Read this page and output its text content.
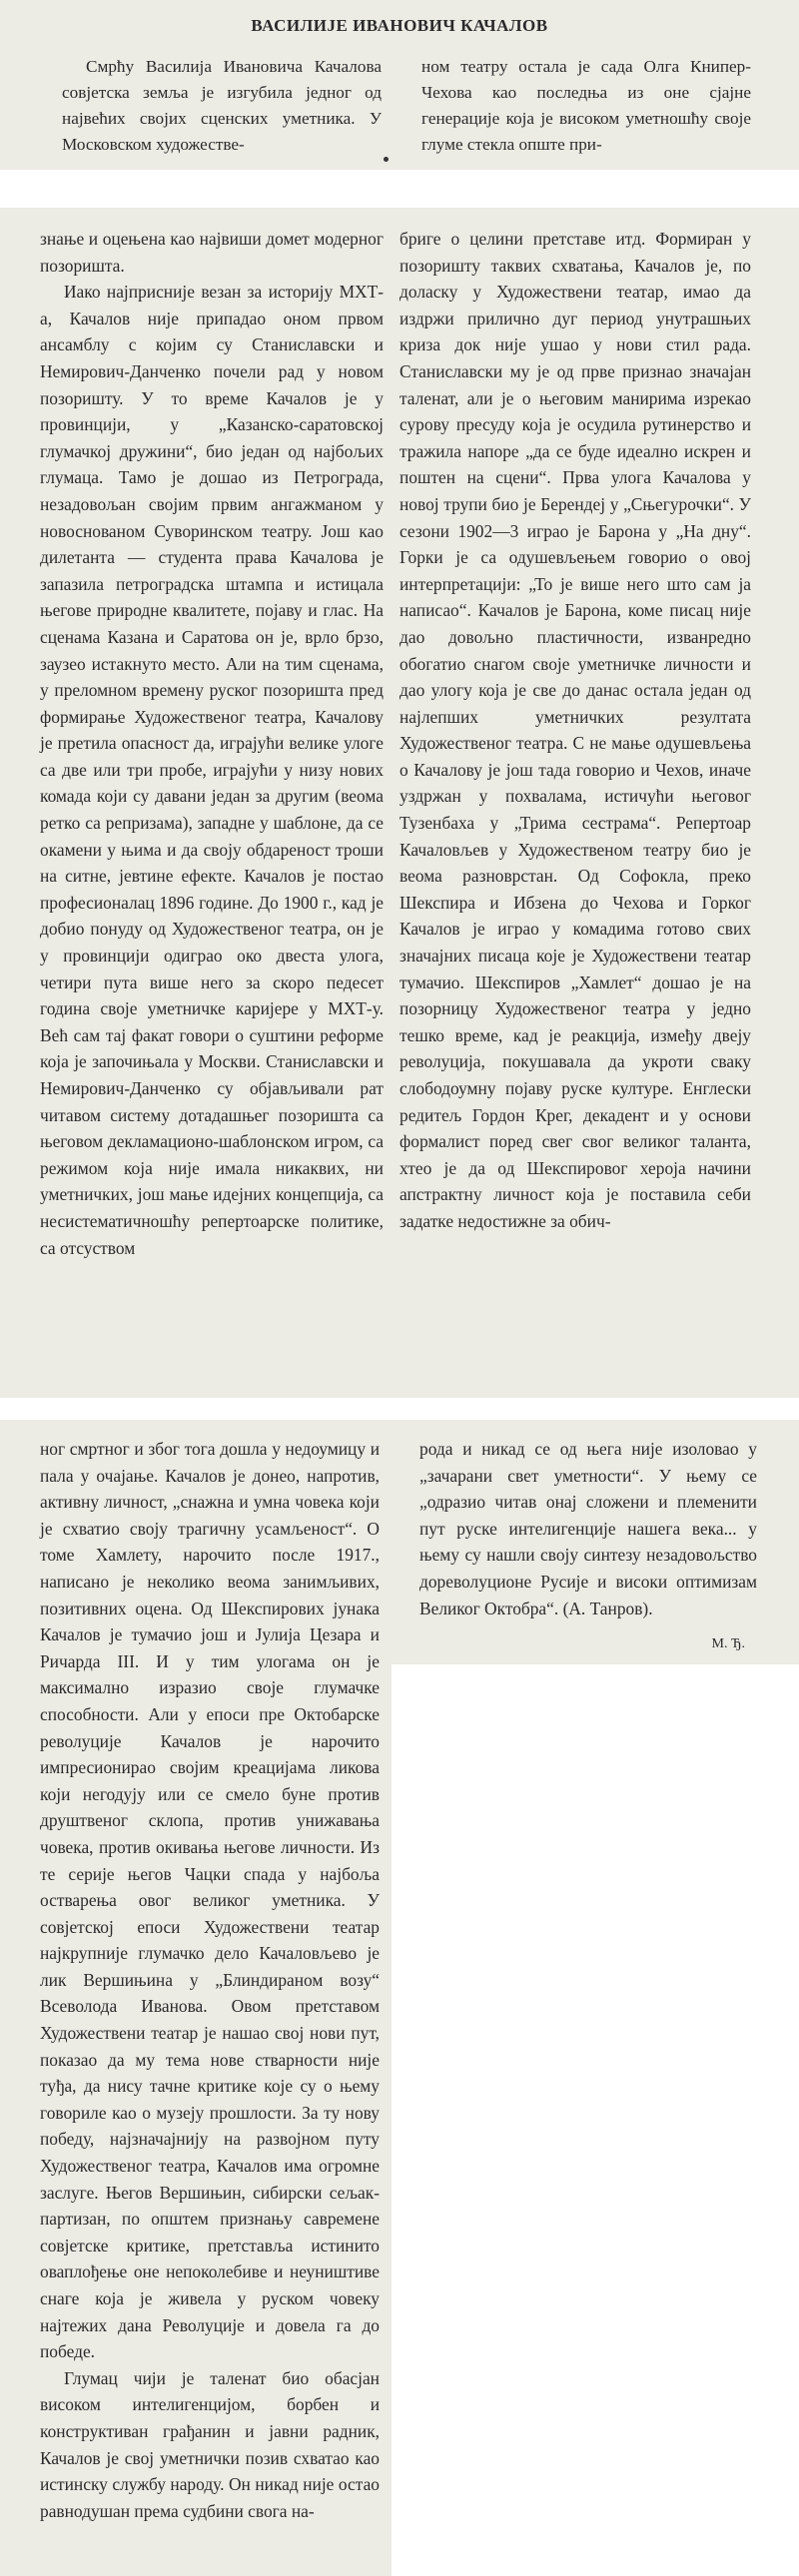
ВАСИЛИЈЕ ИВАНОВИЧ КАЧАЛОВ
Смрћу Василија Ивановича Качалова совјетска земља је изгубила једног од највећих својих сценских уметника. У Московском художестве-
ном театру остала је сада Олга Книпер-Чехова као последња из оне сјајне генерације која је високом уметношћу своје глуме стекла опште при-

знање и оцењена као највиши домет модерног позоришта.

Иако најприсније везан за историју МХТ-а, Качалов није припадао оном првом ансамблу с којим су Станиславски и Немирович-Данченко почели рад у новом позоришту. У то време Качалов је у провинцији, у „Казанско-саратовској глумачкој дружини“, био један од најбољих глумаца. Тамо је дошао из Петрограда, незадовољан својим првим ангажманом у новоснованом Суворинском театру. Још као дилетанта — студента права Качалова је запазила петроградска штампа и истицала његове природне квалитете, појаву и глас. На сценама Казана и Саратова он је, врло брзо, заузео истакнуто место. Али на тим сценама, у преломном времену руског позоришта пред формирање Художественог театра, Качалову је претила опасност да, играјући велике улоге са две или три пробе, играјући у низу нових комада који су давани један за другим (веома ретко са репризама), западне у шаблоне, да се окамени у њима и да своју обдареност троши на ситне, јевтине ефекте. Качалов је постао професионалац 1896 године. До 1900 г., кад је добио понуду од Художественог театра, он је у провинцији одиграо око двеста улога, четири пута више него за скоро педесет година своје уметничке каријере у МХТ-у. Већ сам тај факат говори о суштини реформе која је започињала у Москви. Станиславски и Немирович-Данченко су објављивали рат читавом систему дотадашњег позоришта са његовом декламационо-шаблонском игром, са режимом која није имала никаквих, ни уметничких, још мање идејних концепција, са несистематичношћу репертоарске политике, са отсуством

бриге о целини претставе итд. Формиран у позоришту таквих схватања, Качалов је, по доласку у Художествени театар, имао да издржи прилично дуг период унутрашњих криза док није ушао у нови стил рада. Станиславски му је од прве признао значајан таленат, али је о његовим манирима изрекао сурову пресуду која је осудила рутинерство и тражила напоре „да се буде идеално искрен и поштен на сцени“. Прва улога Качалова у новој трупи био је Берендеј у „Сњегурочки“. У сезони 1902—3 играо је Барона у „На дну“. Горки је са одушевљењем говорио о овој интерпретацији: „То је више него што сам ја написао“. Качалов је Барона, коме писац није дао довољно пластичности, изванредно обогатио снагом своје уметничке личности и дао улогу која је све до данас остала један од најлепших уметничких резултата Художественог театра. С не мање одушевљења о Качалову је још тада говорио и Чехов, иначе уздржан у похвалама, истичући његовог Тузенбаха у „Трима сестрама“. Репертоар Качаловљев у Художественом театру био је веома разноврстан. Од Софокла, преко Шекспира и Ибзена до Чехова и Горког Качалов је играо у комадима готово свих значајних писаца које је Художествени театар тумачио. Шекспиров „Хамлет“ дошао је на позорницу Художественог театра у једно тешко време, кад је реакција, између двеју револуција, покушавала да укроти сваку слободоумну појаву руске културе. Енглески редитељ Гордон Крег, декадент и у основи формалист поред свег свог великог таланта, хтео је да од Шекспировог хероја начини апстрактну личност која је поставила себи задатке недостижне за обич-

рода и никад се од њега није изоловао у „зачарани свет уметности“. У њему се „одразио читав онај сложени и племенити пут руске интелигенције нашега века... у њему су нашли своју синтезу незадовољство дореволуционе Русије и високи оптимизам Великог Октобра“. (А. Танров).

М. Ђ.

ног смртног и због тога дошла у недоумицу и пала у очајање. Качалов је донео, напротив, активну личност, „снажна и умна човека који је схватио своју трагичну усамљеност“. О томе Хамлету, нарочито после 1917., написано је неколико веома занимљивих, позитивних оцена. Од Шекспирових јунака Качалов је тумачио још и Јулија Цезара и Ричарда III. И у тим улогама он је максимално изразио своје глумачке способности. Али у епоси пре Октобарске револуције Качалов је нарочито импресионирао својим креацијама ликова који негодују или се смело буне против друштвеног склопа, против унижавања човека, против окивања његове личности. Из те серије његов Чацки спада у најбоља остварења овог великог уметника. У совјетској епоси Художествени театар најкрупније глумачко дело Качаловљево је лик Вершињина у „Блиндираном возу“ Всеволода Иванова. Овом претставом Художествени театар је нашао свој нови пут, показао да му тема нове стварности није туђа, да нису тачне критике које су о њему говориле као о музеју прошлости. За ту нову победу, најзначајнију на развојном путу Художественог театра, Качалов има огромне заслуге. Његов Вершињин, сибирски сељак-партизан, по општем признању савремене совјетске критике, претставља истинито оваплођење оне непоколебиве и неуништиве снаге која је живела у руском човеку најтежих дана Револуције и довела га до победе.

Глумац чији је таленат био обасјан високом интелигенцијом, борбен и конструктиван грађанин и јавни радник, Качалов је свој уметнички позив схватао као истинску службу народу. Он никад није остао равнодушан према судбини свога на-
